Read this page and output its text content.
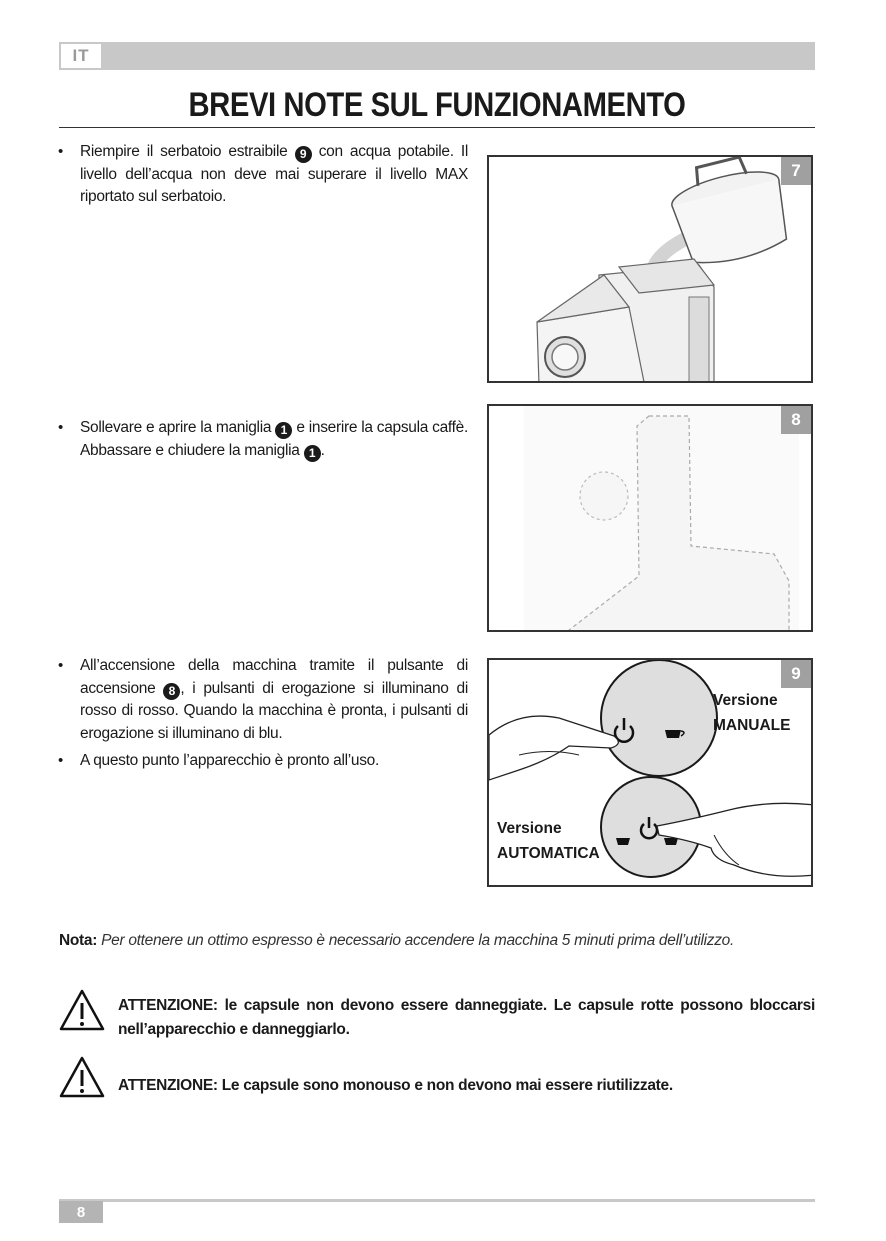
IT
BREVI NOTE SUL FUNZIONAMENTO
• Riempire il serbatoio estraibile 9 con acqua potabile. Il livello dell’acqua non deve mai superare il livello MAX riportato sul serbatoio.
7
• Sollevare e aprire la maniglia 1 e inserire la capsula caffè. Abbassare e chiudere la maniglia 1 .
8
• All’accensione della macchina tramite il pulsante di accensione 8 , i pulsanti di erogazione si illuminano di rosso di rosso. Quando la macchina è pronta, i pulsanti di erogazione si illuminano di blu.
• A questo punto l’apparecchio è pronto all’uso.
Versione
MANUALE
Versione
AUTOMATICA
9
Nota: Per ottenere un ottimo espresso è necessario accendere la macchina 5 minuti prima dell’utilizzo.
ATTENZIONE: le capsule non devono essere danneggiate. Le capsule rotte possono bloccarsi nell’apparecchio e danneggiarlo.
ATTENZIONE: Le capsule sono monouso e non devono mai essere riutilizzate.
8
